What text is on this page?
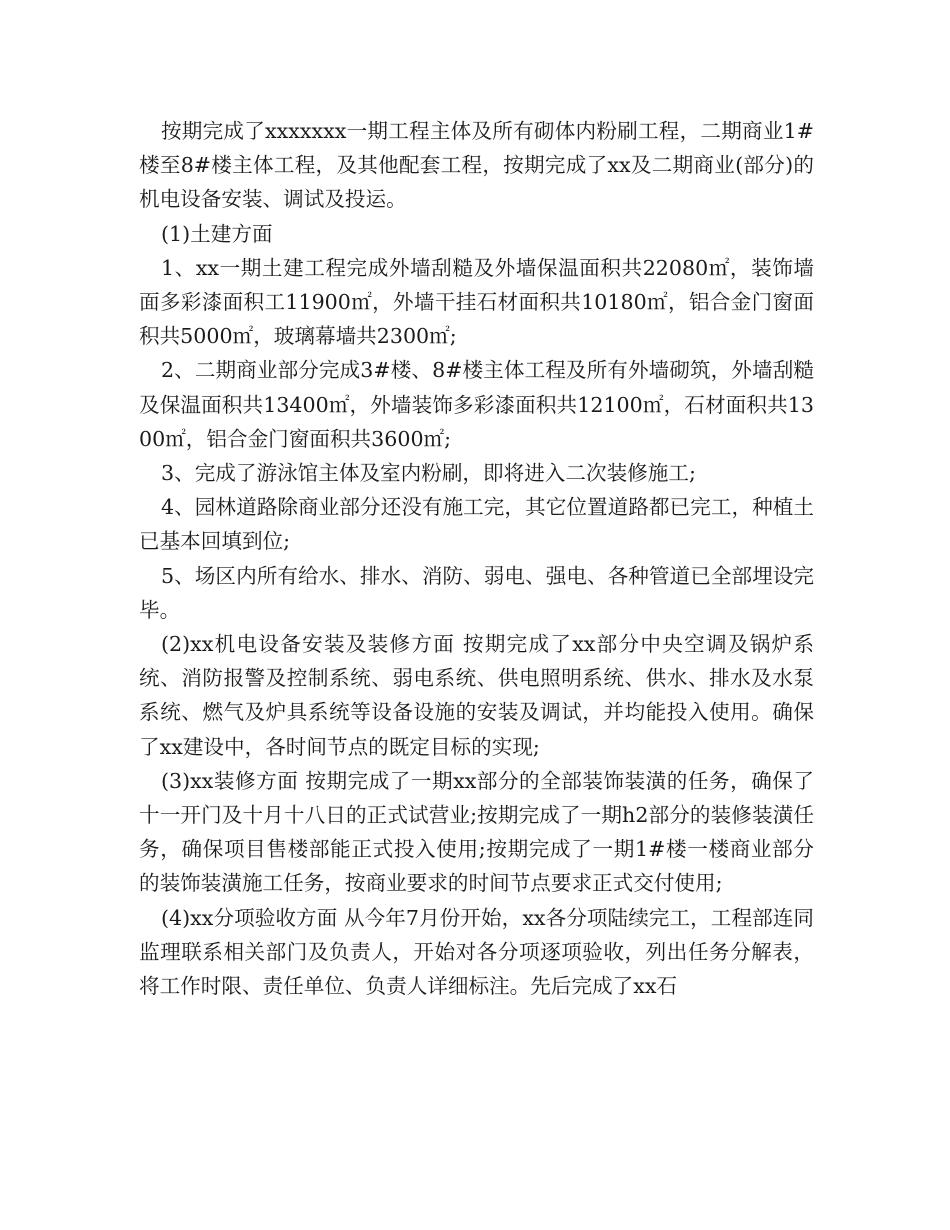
按期完成了xxxxxxx一期工程主体及所有砌体内粉刷工程，二期商业1#楼至8#楼主体工程，及其他配套工程，按期完成了xx及二期商业(部分)的机电设备安装、调试及投运。

(1)土建方面

1、xx一期土建工程完成外墙刮糙及外墙保温面积共22080㎡，装饰墙面多彩漆面积工11900㎡，外墙干挂石材面积共10180㎡，铝合金门窗面积共5000㎡，玻璃幕墙共2300㎡;

2、二期商业部分完成3#楼、8#楼主体工程及所有外墙砌筑，外墙刮糙及保温面积共13400㎡，外墙装饰多彩漆面积共12100㎡，石材面积共1300㎡，铝合金门窗面积共3600㎡;

3、完成了游泳馆主体及室内粉刷，即将进入二次装修施工;

4、园林道路除商业部分还没有施工完，其它位置道路都已完工，种植土已基本回填到位;

5、场区内所有给水、排水、消防、弱电、强电、各种管道已全部埋设完毕。

(2)xx机电设备安装及装修方面 按期完成了xx部分中央空调及锅炉系统、消防报警及控制系统、弱电系统、供电照明系统、供水、排水及水泵系统、燃气及炉具系统等设备设施的安装及调试，并均能投入使用。确保了xx建设中，各时间节点的既定目标的实现;

(3)xx装修方面 按期完成了一期xx部分的全部装饰装潢的任务，确保了十一开门及十月十八日的正式试营业;按期完成了一期h2部分的装修装潢任务，确保项目售楼部能正式投入使用;按期完成了一期1#楼一楼商业部分的装饰装潢施工任务，按商业要求的时间节点要求正式交付使用;

(4)xx分项验收方面 从今年7月份开始，xx各分项陆续完工，工程部连同监理联系相关部门及负责人，开始对各分项逐项验收，列出任务分解表，将工作时限、责任单位、负责人详细标注。先后完成了xx石
